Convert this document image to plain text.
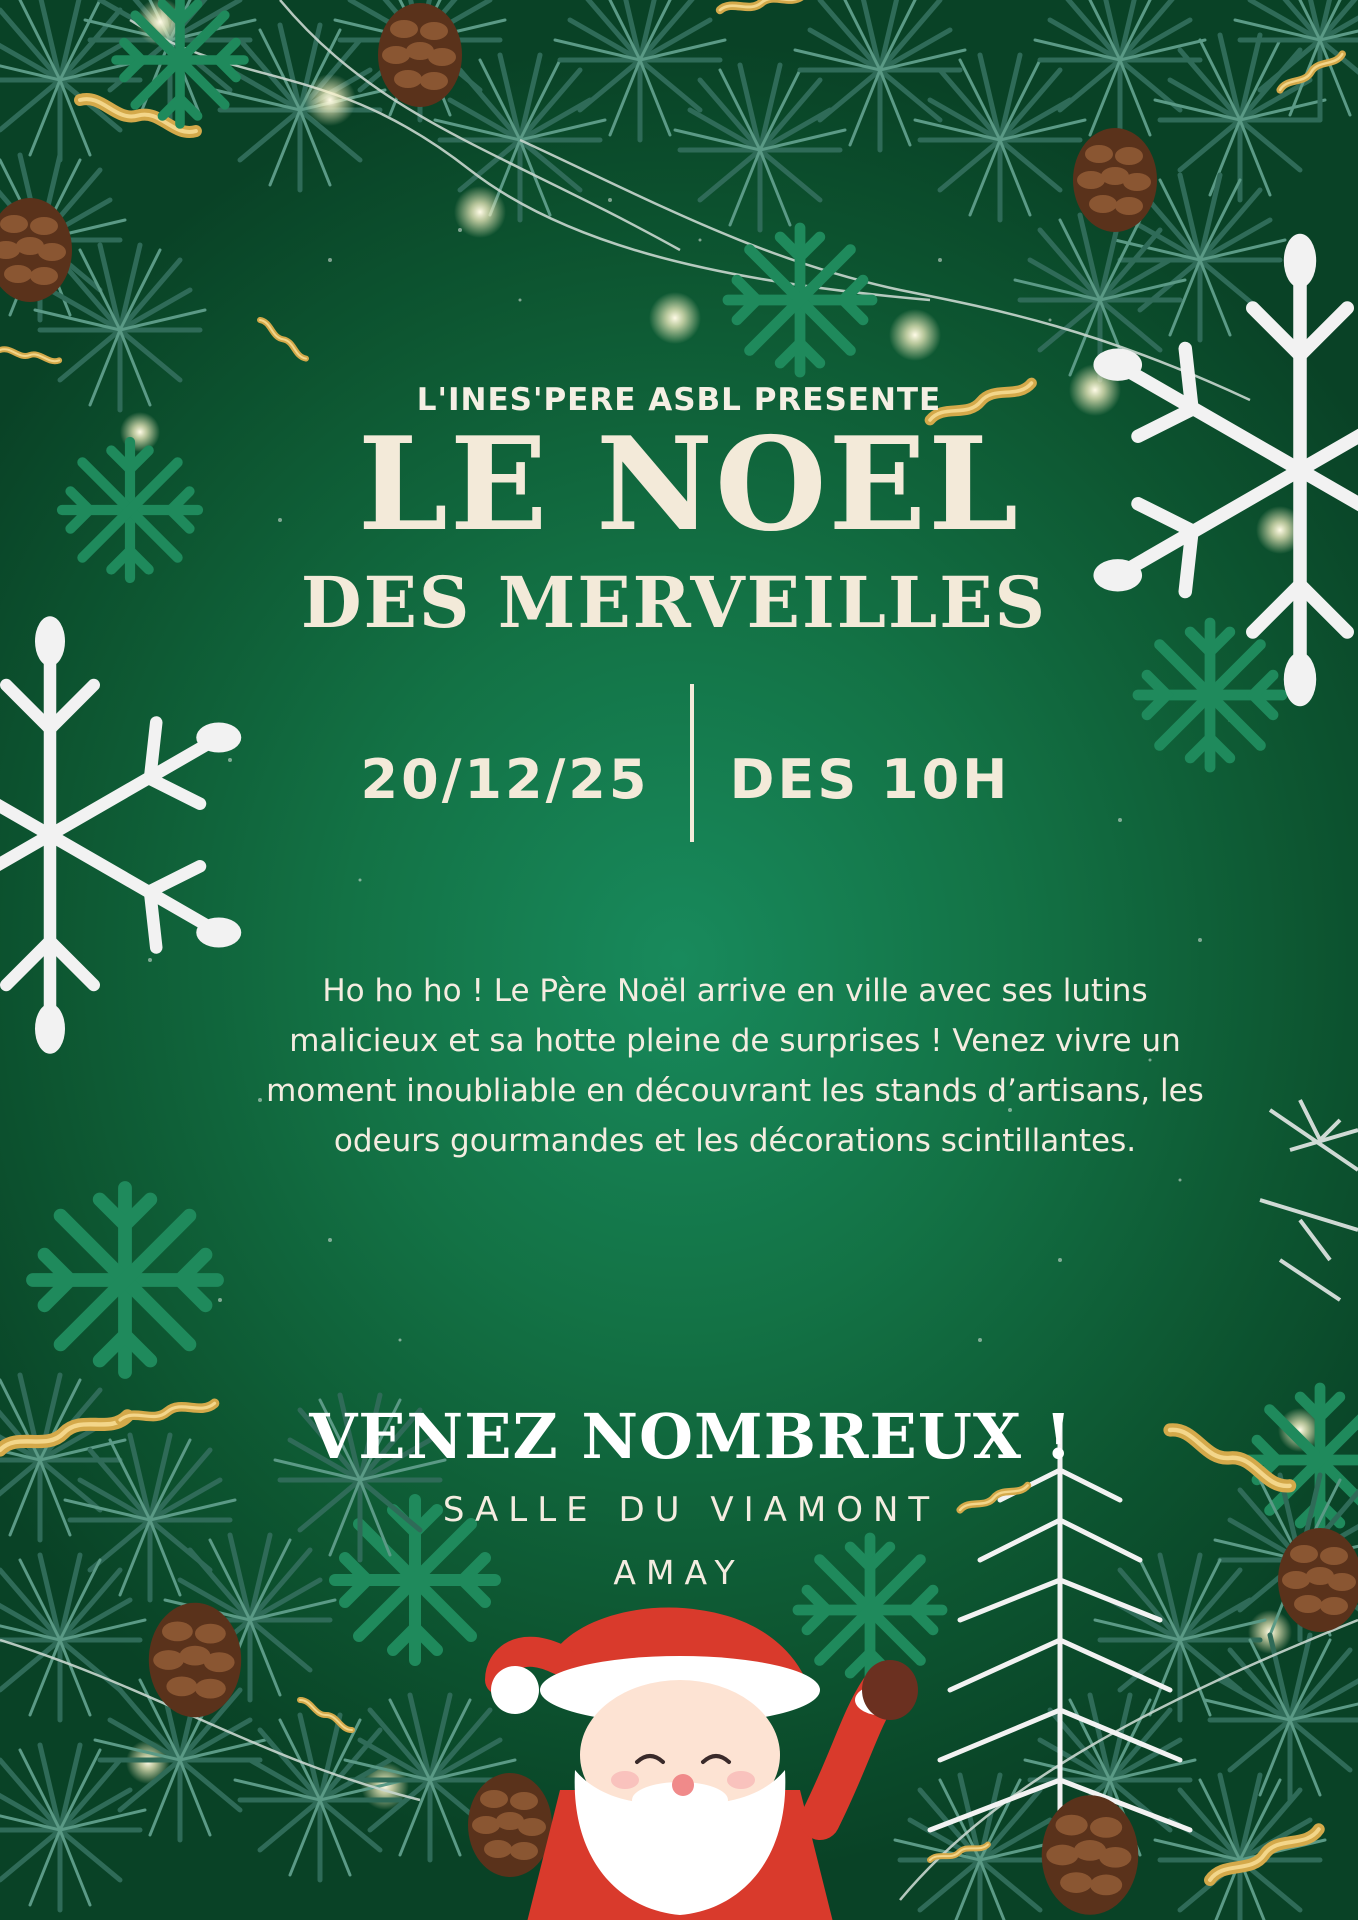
L'INES'PERE ASBL PRESENTE
LE NOEL
DES MERVEILLES
20/12/25	DES 10H
Ho ho ho ! Le Père Noël arrive en ville avec ses lutins malicieux et sa hotte pleine de surprises ! Venez vivre un moment inoubliable en découvrant les stands d’artisans, les odeurs gourmandes et les décorations scintillantes.
VENEZ NOMBREUX !
SALLE DU VIAMONT
AMAY
